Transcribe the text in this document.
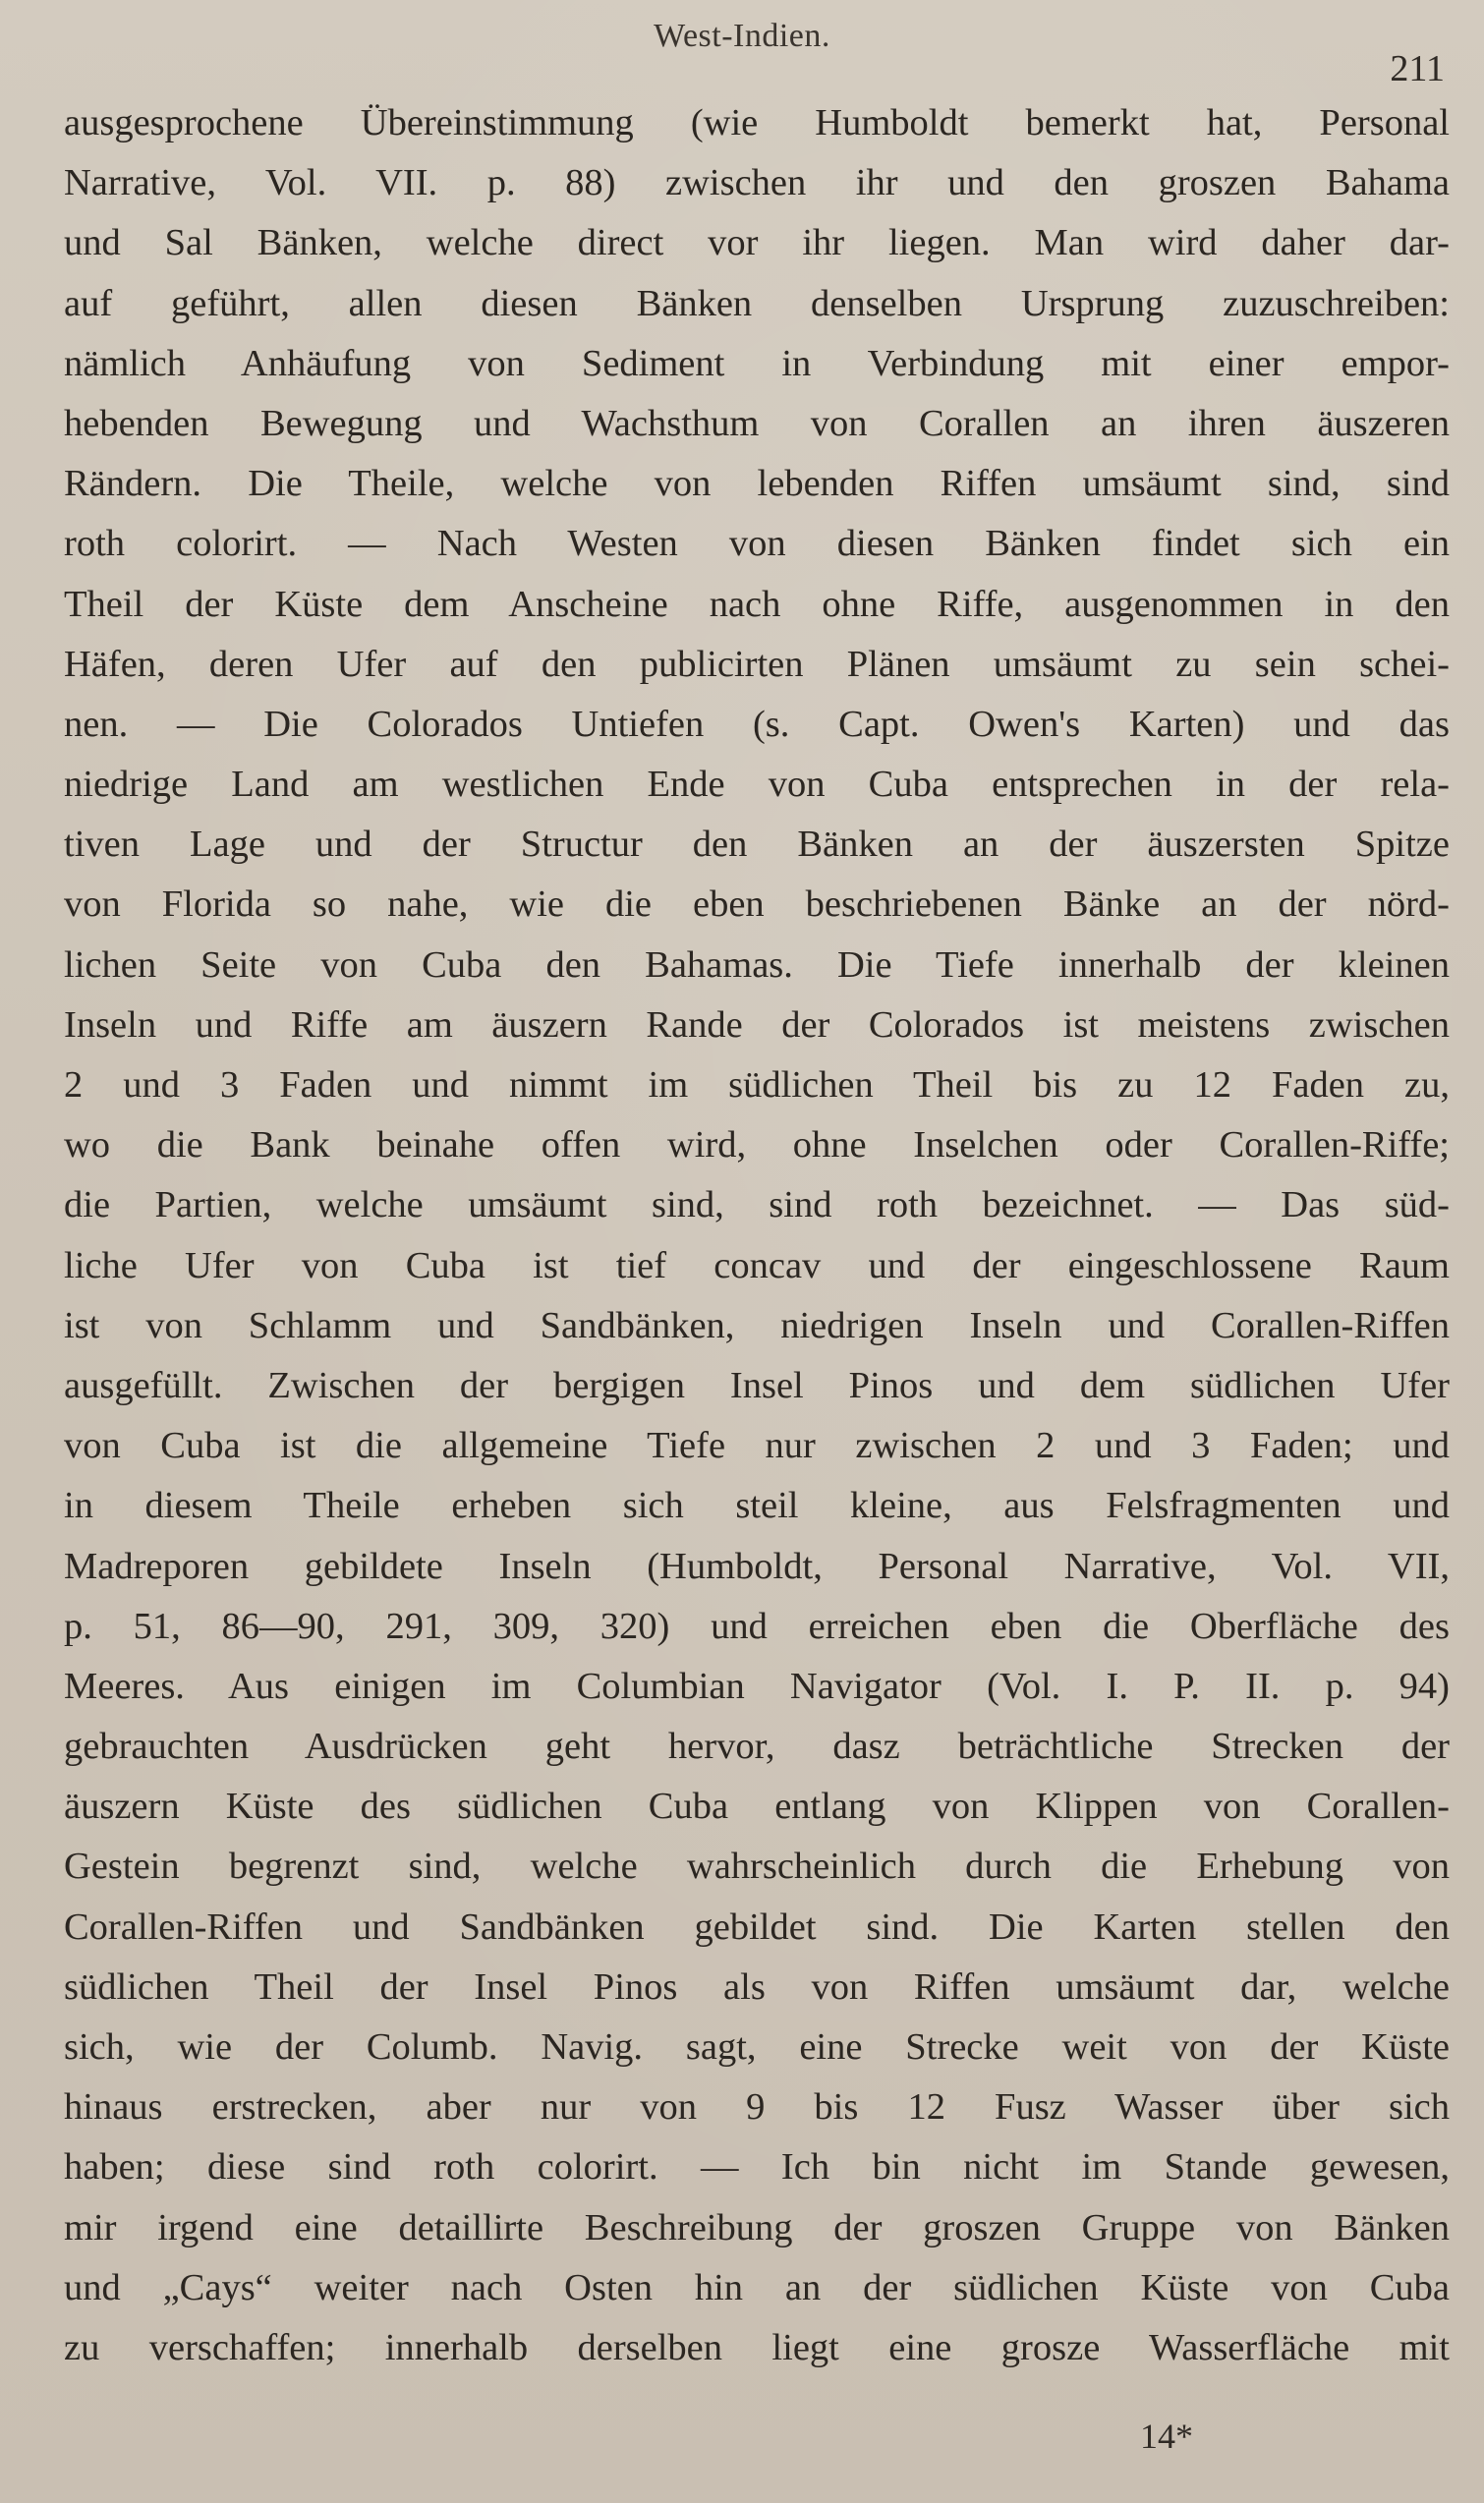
West-Indien.
211
ausgesprochene Übereinstimmung (wie Humboldt bemerkt hat, Personal
Narrative, Vol. VII. p. 88) zwischen ihr und den groszen Bahama
und Sal Bänken, welche direct vor ihr liegen. Man wird daher dar-
auf geführt, allen diesen Bänken denselben Ursprung zuzuschreiben:
nämlich Anhäufung von Sediment in Verbindung mit einer empor-
hebenden Bewegung und Wachsthum von Corallen an ihren äuszeren
Rändern. Die Theile, welche von lebenden Riffen umsäumt sind, sind
roth colorirt. — Nach Westen von diesen Bänken findet sich ein
Theil der Küste dem Anscheine nach ohne Riffe, ausgenommen in den
Häfen, deren Ufer auf den publicirten Plänen umsäumt zu sein schei-
nen. — Die Colorados Untiefen (s. Capt. Owen's Karten) und das
niedrige Land am westlichen Ende von Cuba entsprechen in der rela-
tiven Lage und der Structur den Bänken an der äuszersten Spitze
von Florida so nahe, wie die eben beschriebenen Bänke an der nörd-
lichen Seite von Cuba den Bahamas. Die Tiefe innerhalb der kleinen
Inseln und Riffe am äuszern Rande der Colorados ist meistens zwischen
2 und 3 Faden und nimmt im südlichen Theil bis zu 12 Faden zu,
wo die Bank beinahe offen wird, ohne Inselchen oder Corallen-Riffe;
die Partien, welche umsäumt sind, sind roth bezeichnet. — Das süd-
liche Ufer von Cuba ist tief concav und der eingeschlossene Raum
ist von Schlamm und Sandbänken, niedrigen Inseln und Corallen-Riffen
ausgefüllt. Zwischen der bergigen Insel Pinos und dem südlichen Ufer
von Cuba ist die allgemeine Tiefe nur zwischen 2 und 3 Faden; und
in diesem Theile erheben sich steil kleine, aus Felsfragmenten und
Madreporen gebildete Inseln (Humboldt, Personal Narrative, Vol. VII,
p. 51, 86—90, 291, 309, 320) und erreichen eben die Oberfläche des
Meeres. Aus einigen im Columbian Navigator (Vol. I. P. II. p. 94)
gebrauchten Ausdrücken geht hervor, dasz beträchtliche Strecken der
äuszern Küste des südlichen Cuba entlang von Klippen von Corallen-
Gestein begrenzt sind, welche wahrscheinlich durch die Erhebung von
Corallen-Riffen und Sandbänken gebildet sind. Die Karten stellen den
südlichen Theil der Insel Pinos als von Riffen umsäumt dar, welche
sich, wie der Columb. Navig. sagt, eine Strecke weit von der Küste
hinaus erstrecken, aber nur von 9 bis 12 Fusz Wasser über sich
haben; diese sind roth colorirt. — Ich bin nicht im Stande gewesen,
mir irgend eine detaillirte Beschreibung der groszen Gruppe von Bänken
und „Cays“ weiter nach Osten hin an der südlichen Küste von Cuba
zu verschaffen; innerhalb derselben liegt eine grosze Wasserfläche mit
14*
